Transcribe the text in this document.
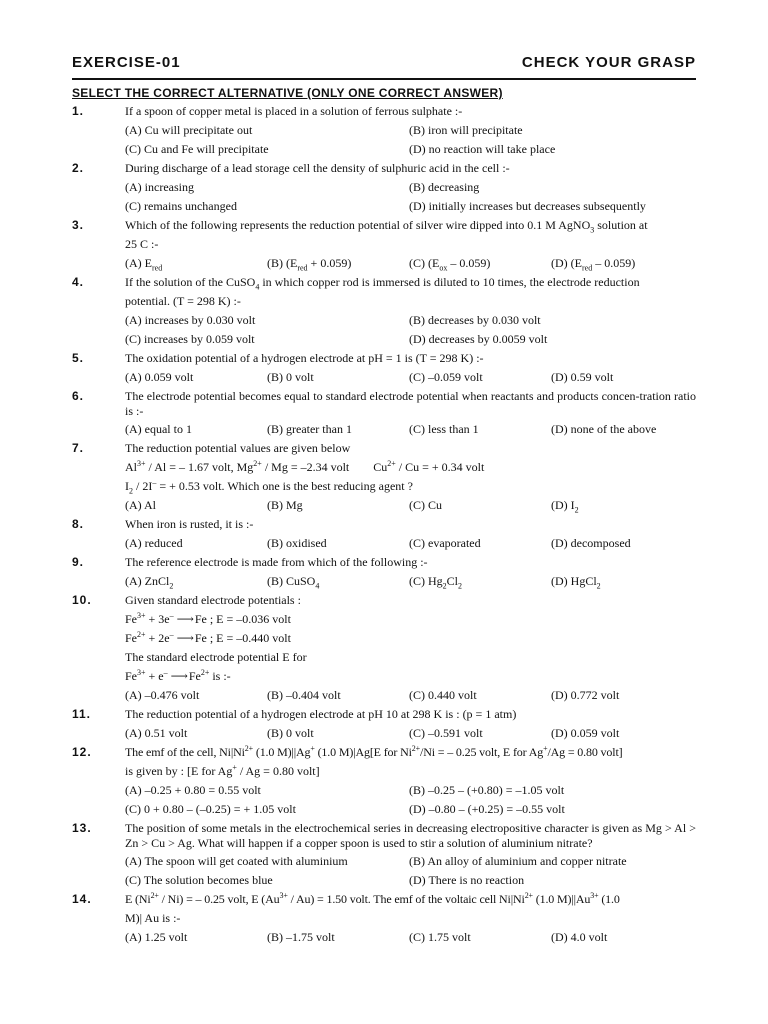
EXERCISE-01	CHECK YOUR GRASP
SELECT THE CORRECT ALTERNATIVE (ONLY ONE CORRECT ANSWER)
1.	If a spoon of copper metal is placed in a solution of ferrous sulphate :-
(A) Cu will precipitate out	(B) iron will precipitate
(C) Cu and Fe will precipitate	(D) no reaction will take place
2.	During discharge of a lead storage cell the density of sulphuric acid in the cell :-
(A) increasing	(B) decreasing
(C) remains unchanged	(D) initially increases but decreases subsequently
3.	Which of the following represents the reduction potential of silver wire dipped into 0.1 M AgNO$_3$ solution at
25 C :-
(A) $E_{red}$	(B) $(E_{red} + 0.059)$	(C) $(E_{ox} - 0.059)$	(D) $(E_{red} - 0.059)$
4.	If the solution of the CuSO$_4$ in which copper rod is immersed is diluted to 10 times, the electrode reduction
potential. (T = 298 K) :-
(A) increases by 0.030 volt	(B) decreases by 0.030 volt
(C) increases by 0.059 volt	(D) decreases by 0.0059 volt
5.	The oxidation potential of a hydrogen electrode at pH = 1 is (T = 298 K) :-
(A) 0.059 volt	(B) 0 volt	(C) –0.059 volt	(D) 0.59 volt
6.	The electrode potential becomes equal to standard electrode potential when reactants and products concen-tration ratio is :-
(A) equal to 1	(B) greater than 1	(C) less than 1	(D) none of the above
7.	The reduction potential values are given below
$Al^{3+}$ / Al = – 1.67 volt, $Mg^{2+} / Mg = -2.34$ volt $Cu^{2+}$ / Cu = + 0.34 volt
$I_2 / 2I^-$ = + 0.53 volt. Which one is the best reducing agent ?
(A) Al	(B) Mg	(C) Cu	(D) $I_2$
8.	When iron is rusted, it is :-
(A) reduced	(B) oxidised	(C) evaporated	(D) decomposed
9.	The reference electrode is made from which of the following :-
(A) ZnCl$_2$	(B) CuSO$_4$	(C) $Hg_2Cl_2$	(D) HgCl$_2$
10.	Given standard electrode potentials :
$Fe^{3+} + 3e^-$ ⟶ Fe ; E = –0.036 volt
$Fe^{2+} + 2e^-$ ⟶ Fe ; E = –0.440 volt
The standard electrode potential E for
$Fe^{3+} + e^-$ ⟶ $Fe^{2+}$ is :-
(A) –0.476 volt	(B) –0.404 volt	(C) 0.440 volt	(D) 0.772 volt
11.	The reduction potential of a hydrogen electrode at pH 10 at 298 K is : (p = 1 atm)
(A) 0.51 volt	(B) 0 volt	(C) –0.591 volt	(D) 0.059 volt
12.	The emf of the cell, $Ni|Ni^{2+}$ (1.0 M)||Ag+ (1.0 M)|Ag[E for $Ni^{2+}/Ni$ = – 0.25 volt, E for Ag+/Ag = 0.80 volt]
is given by : [E for Ag+ / Ag = 0.80 volt]
(A) –0.25 + 0.80 = 0.55 volt	(B) –0.25 – (+0.80) = –1.05 volt
(C) 0 + 0.80 – (–0.25) = + 1.05 volt	(D) –0.80 – (+0.25) = –0.55 volt
13.	The position of some metals in the electrochemical series in decreasing electropositive character is given as Mg > Al > Zn > Cu > Ag. What will happen if a copper spoon is used to stir a solution of aluminium nitrate?
(A) The spoon will get coated with aluminium	(B) An alloy of aluminium and copper nitrate
(C) The solution becomes blue	(D) There is no reaction
14.	E $(Ni^{2+} / Ni)$ = – 0.25 volt, E $(Au^{3+} / Au) = 1.50$ volt. The emf of the voltaic cell $Ni|Ni^{2+}$ (1.0 $M)||Au^{3+}$ (1.0
M)| Au is :-
(A) 1.25 volt	(B) –1.75 volt	(C) 1.75 volt	(D) 4.0 volt
